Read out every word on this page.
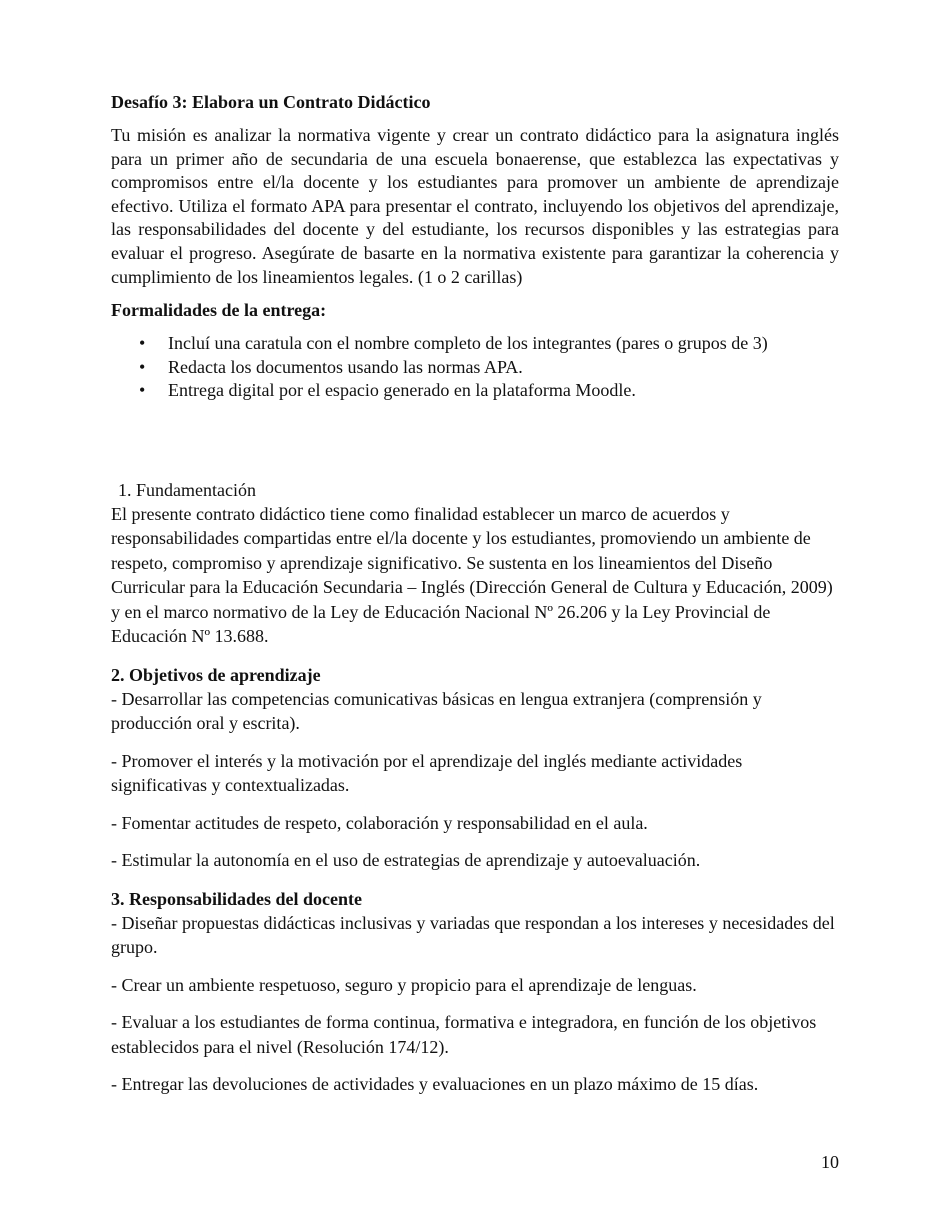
Desafío 3: Elabora un Contrato Didáctico

Tu misión es analizar la normativa vigente y crear un contrato didáctico para la asignatura inglés para un primer año de secundaria de una escuela bonaerense, que establezca las expectativas y compromisos entre el/la docente y los estudiantes para promover un ambiente de aprendizaje efectivo. Utiliza el formato APA para presentar el contrato, incluyendo los objetivos del aprendizaje, las responsabilidades del docente y del estudiante, los recursos disponibles y las estrategias para evaluar el progreso. Asegúrate de basarte en la normativa existente para garantizar la coherencia y cumplimiento de los lineamientos legales. (1 o 2 carillas)

Formalidades de la entrega:

• Incluí una caratula con el nombre completo de los integrantes (pares o grupos de 3)
• Redacta los documentos usando las normas APA.
• Entrega digital por el espacio generado en la plataforma Moodle.

1. Fundamentación

El presente contrato didáctico tiene como finalidad establecer un marco de acuerdos y responsabilidades compartidas entre el/la docente y los estudiantes, promoviendo un ambiente de respeto, compromiso y aprendizaje significativo. Se sustenta en los lineamientos del Diseño Curricular para la Educación Secundaria – Inglés (Dirección General de Cultura y Educación, 2009) y en el marco normativo de la Ley de Educación Nacional Nº 26.206 y la Ley Provincial de Educación Nº 13.688.

2. Objetivos de aprendizaje

- Desarrollar las competencias comunicativas básicas en lengua extranjera (comprensión y producción oral y escrita).

- Promover el interés y la motivación por el aprendizaje del inglés mediante actividades significativas y contextualizadas.

- Fomentar actitudes de respeto, colaboración y responsabilidad en el aula.

- Estimular la autonomía en el uso de estrategias de aprendizaje y autoevaluación.

3. Responsabilidades del docente

- Diseñar propuestas didácticas inclusivas y variadas que respondan a los intereses y necesidades del grupo.

- Crear un ambiente respetuoso, seguro y propicio para el aprendizaje de lenguas.

- Evaluar a los estudiantes de forma continua, formativa e integradora, en función de los objetivos establecidos para el nivel (Resolución 174/12).

- Entregar las devoluciones de actividades y evaluaciones en un plazo máximo de 15 días.

10
